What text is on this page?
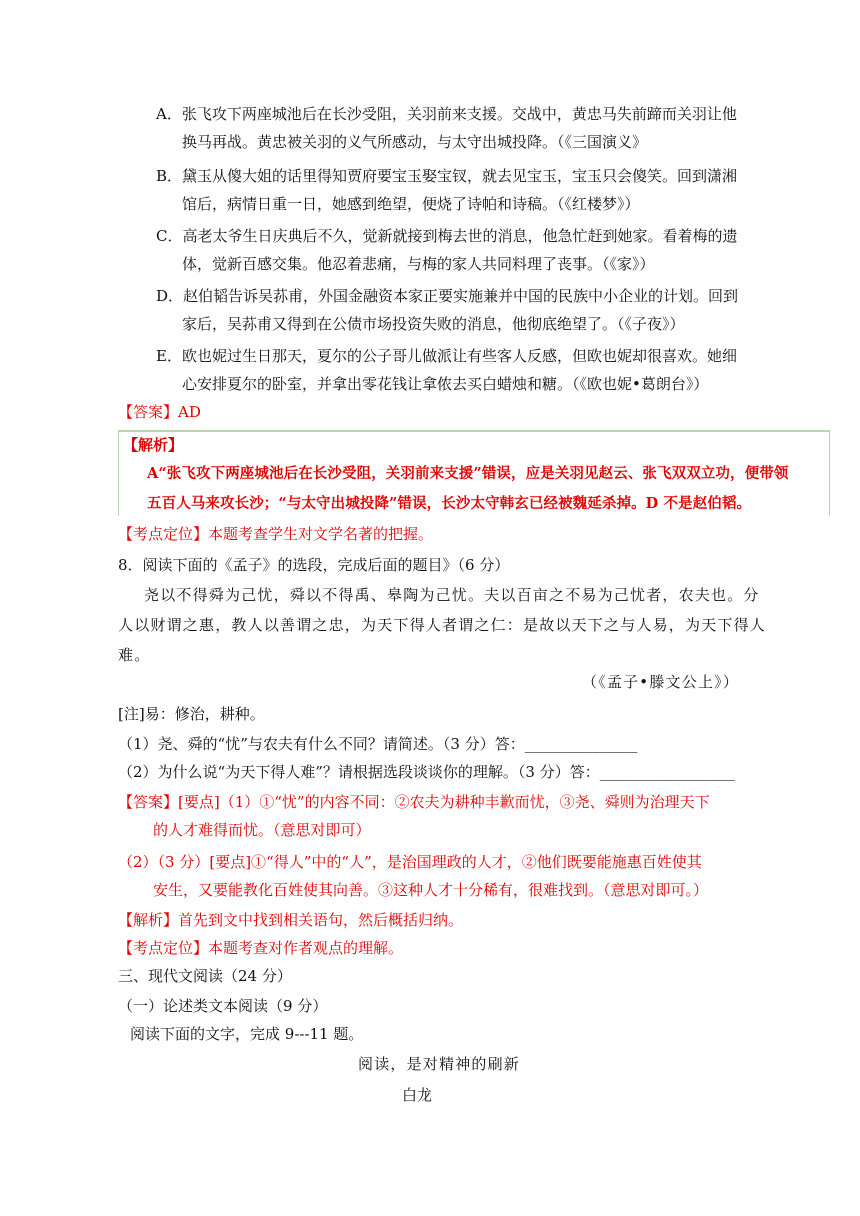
A．张飞攻下两座城池后在长沙受阻，关羽前来支援。交战中，黄忠马失前蹄而关羽让他
换马再战。黄忠被关羽的义气所感动，与太守出城投降。（《三国演义》
B．黛玉从傻大姐的话里得知贾府要宝玉娶宝钗，就去见宝玉，宝玉只会傻笑。回到潇湘
馆后，病情日重一日，她感到绝望，便烧了诗帕和诗稿。（《红楼梦》）
C．高老太爷生日庆典后不久，觉新就接到梅去世的消息，他急忙赶到她家。看着梅的遗
体，觉新百感交集。他忍着悲痛，与梅的家人共同料理了丧事。（《家》）
D．赵伯韬告诉吴荪甫，外国金融资本家正要实施兼并中国的民族中小企业的计划。回到
家后，吴荪甫又得到在公债市场投资失败的消息，他彻底绝望了。（《子夜》）
E．欧也妮过生日那天，夏尔的公子哥儿做派让有些客人反感，但欧也妮却很喜欢。她细
心安排夏尔的卧室，并拿出零花钱让拿侬去买白蜡烛和糖。（《欧也妮•葛朗台》）
【答案】AD
【解析】
A“张飞攻下两座城池后在长沙受阻，关羽前来支援”错误，应是关羽见赵云、张飞双双立功，便带领
五百人马来攻长沙；“与太守出城投降”错误，长沙太守韩玄已经被魏延杀掉。D 不是赵伯韬。
【考点定位】本题考查学生对文学名著的把握。
8．阅读下面的《孟子》的选段，完成后面的题目》（6 分）
尧以不得舜为己忧，舜以不得禹、皋陶为己忧。夫以百亩之不易为己忧者，农夫也。分
人以财谓之惠，教人以善谓之忠，为天下得人者谓之仁：是故以天下之与人易，为天下得人
难。
（《孟子•滕文公上》）
[注]易：修治，耕种。
（1）尧、舜的“忧”与农夫有什么不同？请简述。（3 分）答：_______________
（2）为什么说“为天下得人难”？请根据选段谈谈你的理解。（3 分）答：__________________
【答案】[要点]（1）①“忧”的内容不同：②农夫为耕种丰歉而忧，③尧、舜则为治理天下
的人才难得而忧。（意思对即可）
（2）（3 分）[要点]①“得人”中的“人”，是治国理政的人才，②他们既要能施惠百姓使其
安生，又要能教化百姓使其向善。③这种人才十分稀有，很难找到。（意思对即可。）
【解析】首先到文中找到相关语句，然后概括归纳。
【考点定位】本题考查对作者观点的理解。
三、现代文阅读（24 分）
（一）论述类文本阅读（9 分）
阅读下面的文字，完成 9---11 题。
阅读，是对精神的刷新
白龙
